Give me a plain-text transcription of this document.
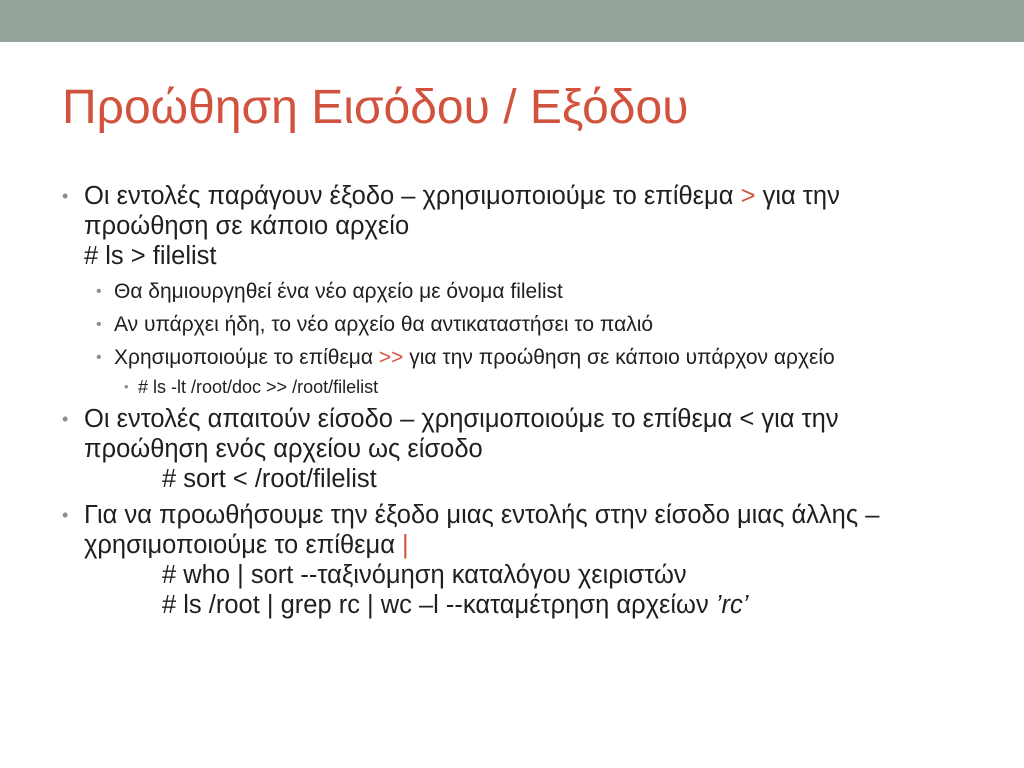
Προώθηση Εισόδου / Εξόδου
• Οι εντολές παράγουν έξοδο – χρησιμοποιούμε το επίθεμα > για την προώθηση σε κάποιο αρχείο
# ls > filelist
• Θα δημιουργηθεί ένα νέο αρχείο με όνομα filelist
• Αν υπάρχει ήδη, το νέο αρχείο θα αντικαταστήσει το παλιό
• Χρησιμοποιούμε το επίθεμα >> για την προώθηση σε κάποιο υπάρχον αρχείο
• # ls -lt /root/doc >> /root/filelist
• Οι εντολές απαιτούν είσοδο – χρησιμοποιούμε το επίθεμα < για την προώθηση ενός αρχείου ως είσοδο
# sort < /root/filelist
• Για να προωθήσουμε την έξοδο μιας εντολής στην είσοδο μιας άλλης – χρησιμοποιούμε το επίθεμα |
# who | sort --ταξινόμηση καταλόγου χειριστών
# ls /root | grep rc | wc –l --καταμέτρηση αρχείων ’rc’
